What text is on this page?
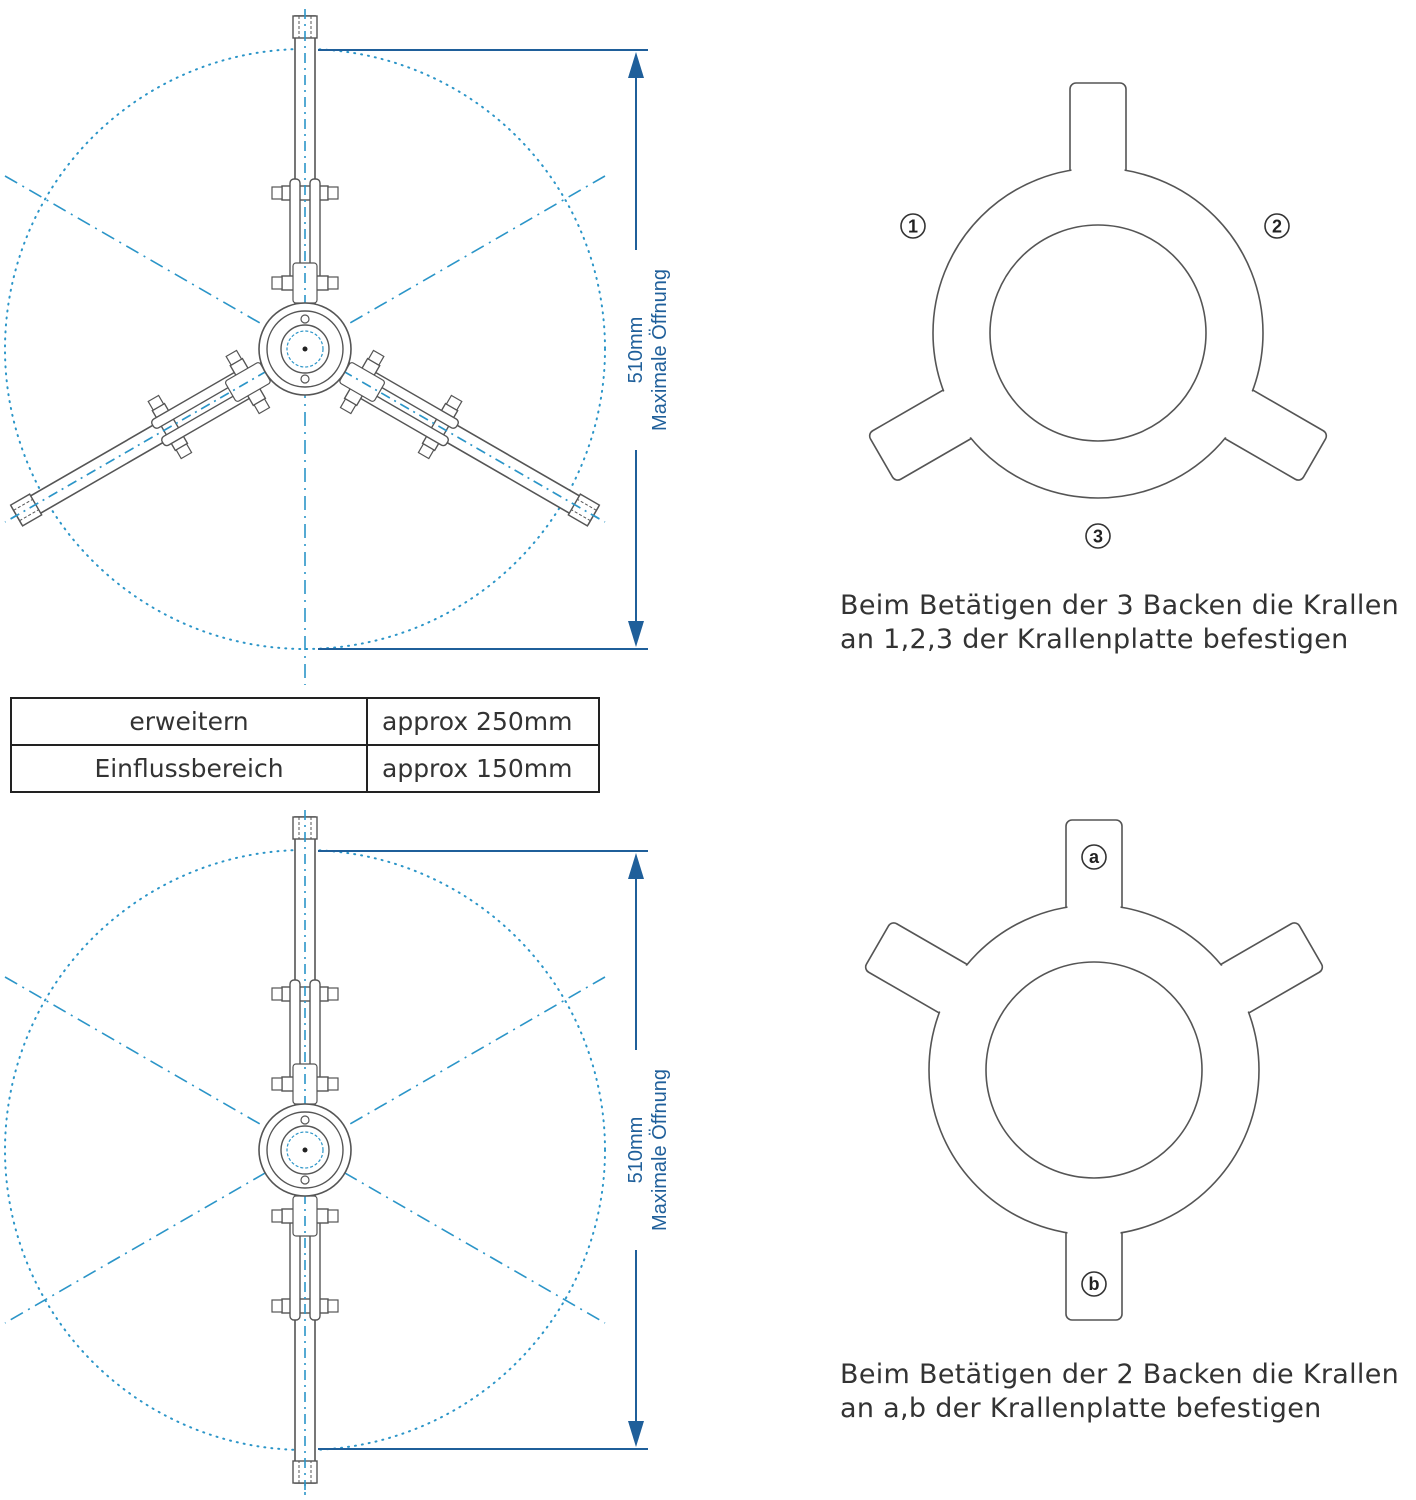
510mm Maximale Öffnung
510mm Maximale Öffnung
1	2
3
a
b
erweitern	approx 250mm
Einflussbereich	approx 150mm
Beim Betätigen der 3 Backen die Krallen
an 1,2,3 der Krallenplatte befestigen
Beim Betätigen der 2 Backen die Krallen
an a,b der Krallenplatte befestigen
